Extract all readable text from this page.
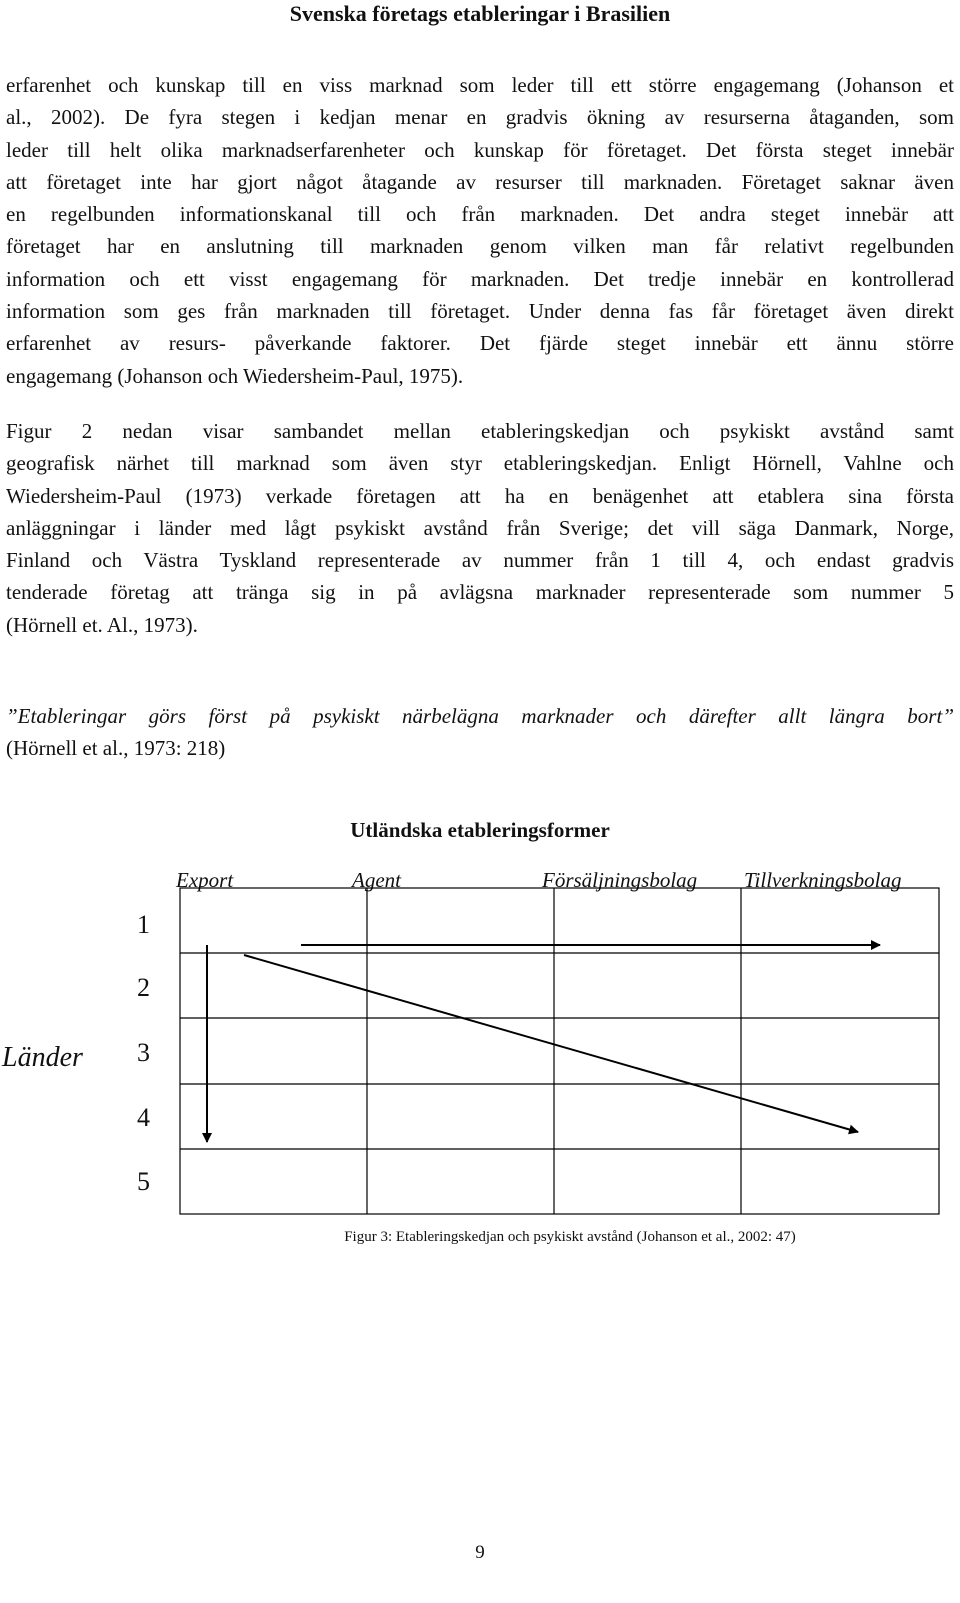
Svenska företags etableringar i Brasilien
erfarenhet och kunskap till en viss marknad som leder till ett större engagemang (Johanson et
al., 2002). De fyra stegen i kedjan menar en gradvis ökning av resurserna åtaganden, som
leder till helt olika marknadserfarenheter och kunskap för företaget. Det första steget innebär
att företaget inte har gjort något åtagande av resurser till marknaden. Företaget saknar även
en regelbunden informationskanal till och från marknaden. Det andra steget innebär att
företaget har en anslutning till marknaden genom vilken man får relativt regelbunden
information och ett visst engagemang för marknaden. Det tredje innebär en kontrollerad
information som ges från marknaden till företaget. Under denna fas får företaget även direkt
erfarenhet av resurs- påverkande faktorer. Det fjärde steget innebär ett ännu större
engagemang (Johanson och Wiedersheim-Paul, 1975).
Figur 2 nedan visar sambandet mellan etableringskedjan och psykiskt avstånd samt
geografisk närhet till marknad som även styr etableringskedjan. Enligt Hörnell, Vahlne och
Wiedersheim-Paul (1973) verkade företagen att ha en benägenhet att etablera sina första
anläggningar i länder med lågt psykiskt avstånd från Sverige; det vill säga Danmark, Norge,
Finland och Västra Tyskland representerade av nummer från 1 till 4, och endast gradvis
tenderade företag att tränga sig in på avlägsna marknader representerade som nummer 5
(Hörnell et. Al., 1973).
”Etableringar görs först på psykiskt närbelägna marknader och därefter allt längra bort”
(Hörnell et al., 1973: 218)
Utländska etableringsformer
Export	Agent	Försäljningsbolag Tillverkningsbolag
1
2
3
4
5
Länder
Figur 3: Etableringskedjan och psykiskt avstånd (Johanson et al., 2002: 47)
9
